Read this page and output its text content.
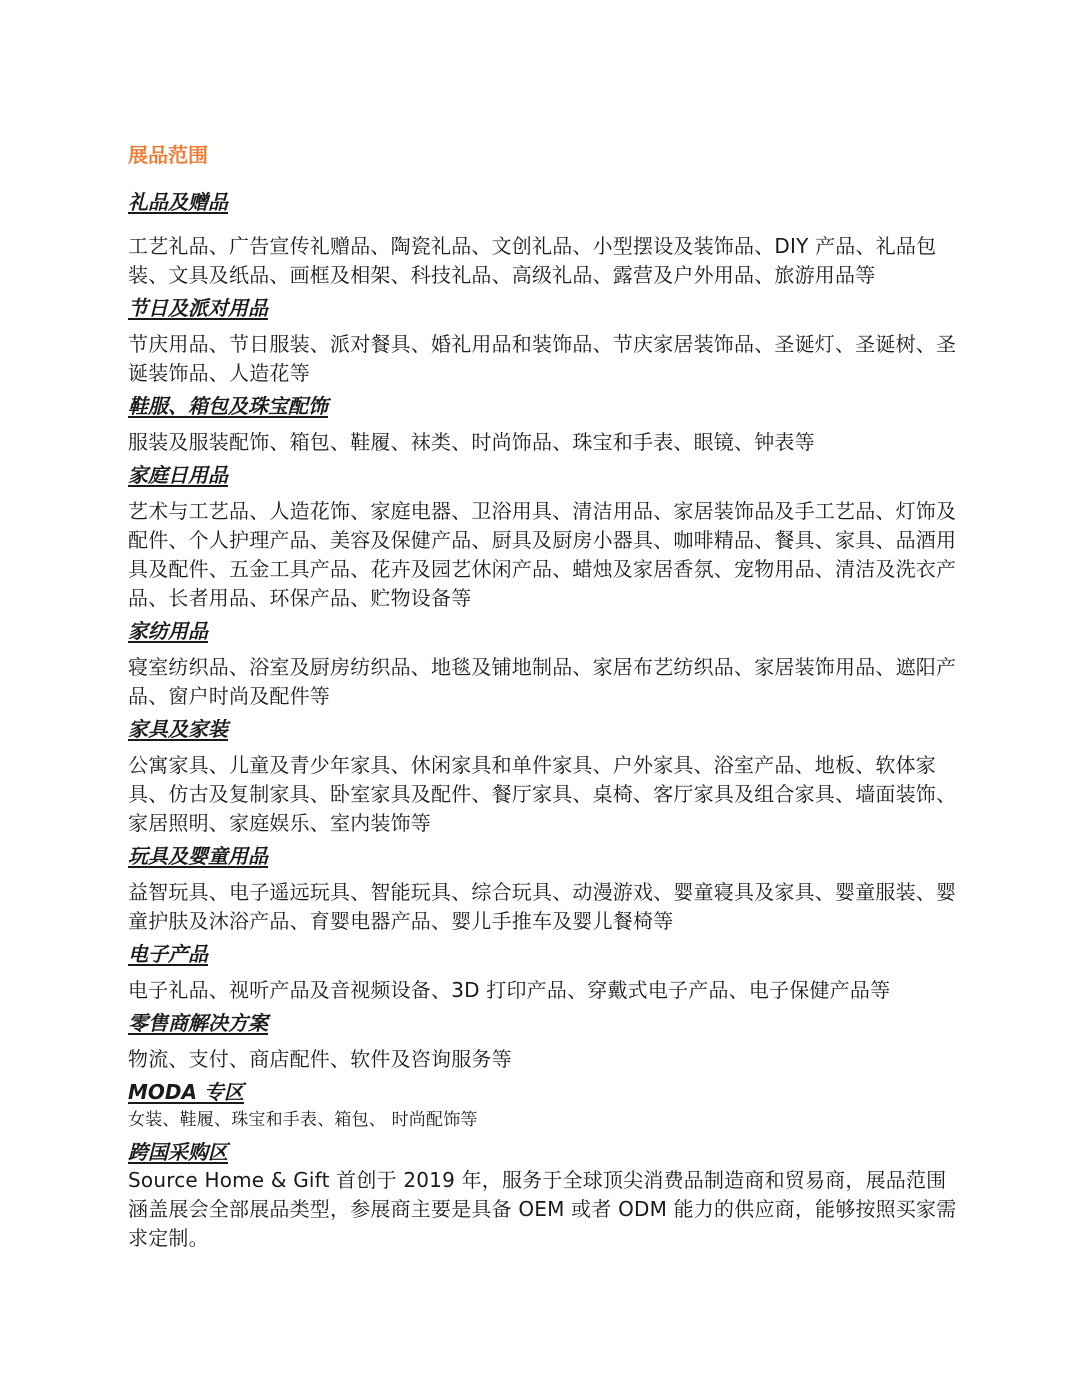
展品范围
礼品及赠品
工艺礼品、广告宣传礼赠品、陶瓷礼品、文创礼品、小型摆设及装饰品、DIY 产品、礼品包装、文具及纸品、画框及相架、科技礼品、高级礼品、露营及户外用品、旅游用品等
节日及派对用品
节庆用品、节日服装、派对餐具、婚礼用品和装饰品、节庆家居装饰品、圣诞灯、圣诞树、圣诞装饰品、人造花等
鞋服、箱包及珠宝配饰
服装及服装配饰、箱包、鞋履、袜类、时尚饰品、珠宝和手表、眼镜、钟表等
家庭日用品
艺术与工艺品、人造花饰、家庭电器、卫浴用具、清洁用品、家居装饰品及手工艺品、灯饰及配件、个人护理产品、美容及保健产品、厨具及厨房小器具、咖啡精品、餐具、家具、品酒用具及配件、五金工具产品、花卉及园艺休闲产品、蜡烛及家居香氛、宠物用品、清洁及洗衣产品、长者用品、环保产品、贮物设备等
家纺用品
寝室纺织品、浴室及厨房纺织品、地毯及铺地制品、家居布艺纺织品、家居装饰用品、遮阳产品、窗户时尚及配件等
家具及家装
公寓家具、儿童及青少年家具、休闲家具和单件家具、户外家具、浴室产品、地板、软体家具、仿古及复制家具、卧室家具及配件、餐厅家具、桌椅、客厅家具及组合家具、墙面装饰、家居照明、家庭娱乐、室内装饰等
玩具及婴童用品
益智玩具、电子遥远玩具、智能玩具、综合玩具、动漫游戏、婴童寝具及家具、婴童服装、婴童护肤及沐浴产品、育婴电器产品、婴儿手推车及婴儿餐椅等
电子产品
电子礼品、视听产品及音视频设备、3D 打印产品、穿戴式电子产品、电子保健产品等
零售商解决方案
物流、支付、商店配件、软件及咨询服务等
MODA 专区
女装、鞋履、珠宝和手表、箱包、 时尚配饰等
跨国采购区
Source Home & Gift 首创于 2019 年，服务于全球顶尖消费品制造商和贸易商，展品范围涵盖展会全部展品类型，参展商主要是具备 OEM 或者 ODM 能力的供应商，能够按照买家需求定制。
